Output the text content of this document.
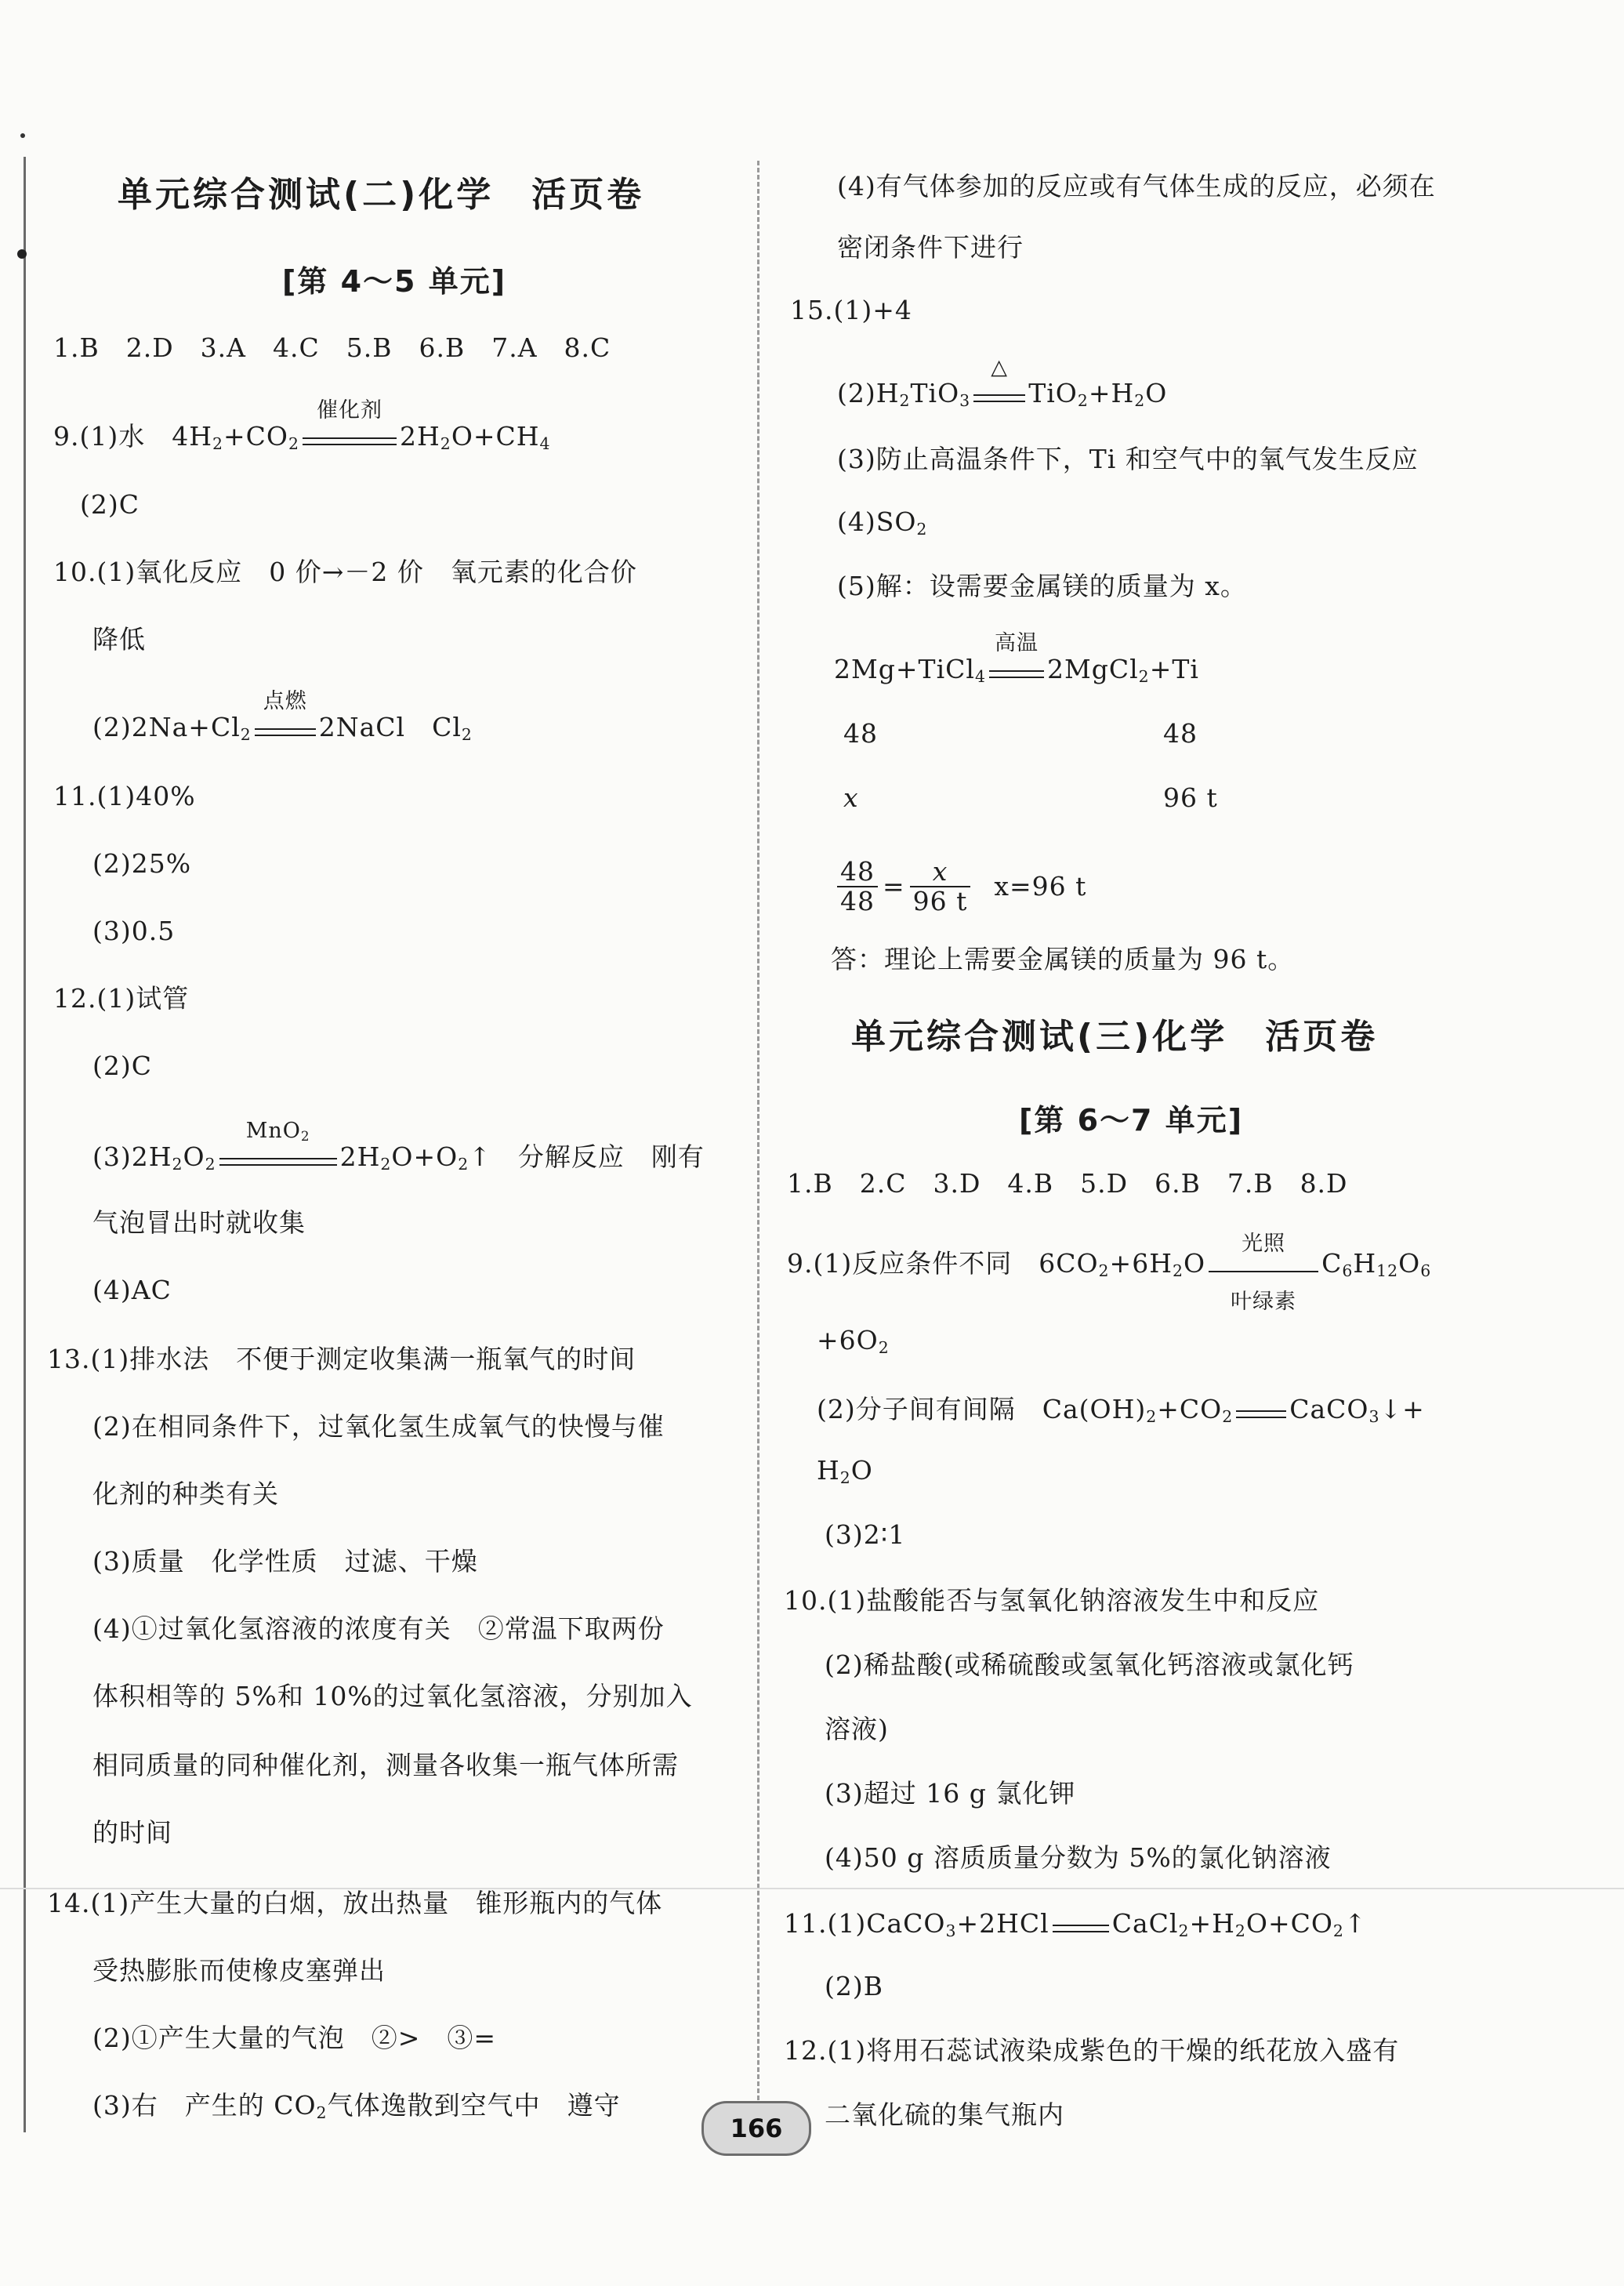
单元综合测试(二)化学　活页卷
[第 4～5 单元]
1.B　2.D　3.A　4.C　5.B　6.B　7.A　8.C
9.(1)水　$4H_2+CO_2$
催化剂
$2H_2O+CH_4$
(2)C
10.(1)氧化反应　0 价→－2 价　氧元素的化合价
降低
$(2)2Na+Cl_2$
点燃
2NaCl　$Cl_2$
11.(1)40%
(2)25%
(3)0.5
12.(1)试管
(2)C
$(3)2H_2O_2$
MnO$_2$
$2H_2O+O_2↑$　分解反应　刚有
气泡冒出时就收集
(4)AC
13.(1)排水法　不便于测定收集满一瓶氧气的时间
(2)在相同条件下，过氧化氢生成氧气的快慢与催
化剂的种类有关
(3)质量　化学性质　过滤、干燥
(4)①过氧化氢溶液的浓度有关　②常温下取两份
体积相等的 5%和 10%的过氧化氢溶液，分别加入
相同质量的同种催化剂，测量各收集一瓶气体所需
的时间
14.(1)产生大量的白烟，放出热量　锥形瓶内的气体
受热膨胀而使橡皮塞弹出
(2)①产生大量的气泡　②>　③=
(3)右　产生的 $CO_2$气体逸散到空气中　遵守
(4)有气体参加的反应或有气体生成的反应，必须在
密闭条件下进行
15.(1)+4
$(2)H_2TiO_3$
△
$TiO_2+H_2O$
(3)防止高温条件下，Ti 和空气中的氧气发生反应
$(4)SO_2$
(5)解：设需要金属镁的质量为 x。
2Mg+TiCl$_4$
高温
2MgCl$_2$+Ti
48	48
x	96 t
$\frac{48}{48} = \frac{x}{96 t} x=96$ t
答：理论上需要金属镁的质量为 96 t。
单元综合测试(三)化学　活页卷
[第 6～7 单元]
1.B　2.C　3.D　4.B　5.D　6.B　7.B　8.D
9.(1)反应条件不同　$6CO_2+6H_2O$
光照
叶绿素
$C_6H_{12}O_6$
$+6O_2$
(2)分子间有间隔　$Ca(OH)_2+CO_2$ CaCO$_3$↓+
$H_2O$
(3)2∶1
10.(1)盐酸能否与氢氧化钠溶液发生中和反应
(2)稀盐酸(或稀硫酸或氢氧化钙溶液或氯化钙
溶液)
(3)超过 16 g 氯化钾
(4)50 g 溶质质量分数为 5%的氯化钠溶液
11.(1)CaCO$_3$+2HCl $CaCl_2+H_2O+CO_2↑$
(2)B
12.(1)将用石蕊试液染成紫色的干燥的纸花放入盛有
二氧化硫的集气瓶内
166
